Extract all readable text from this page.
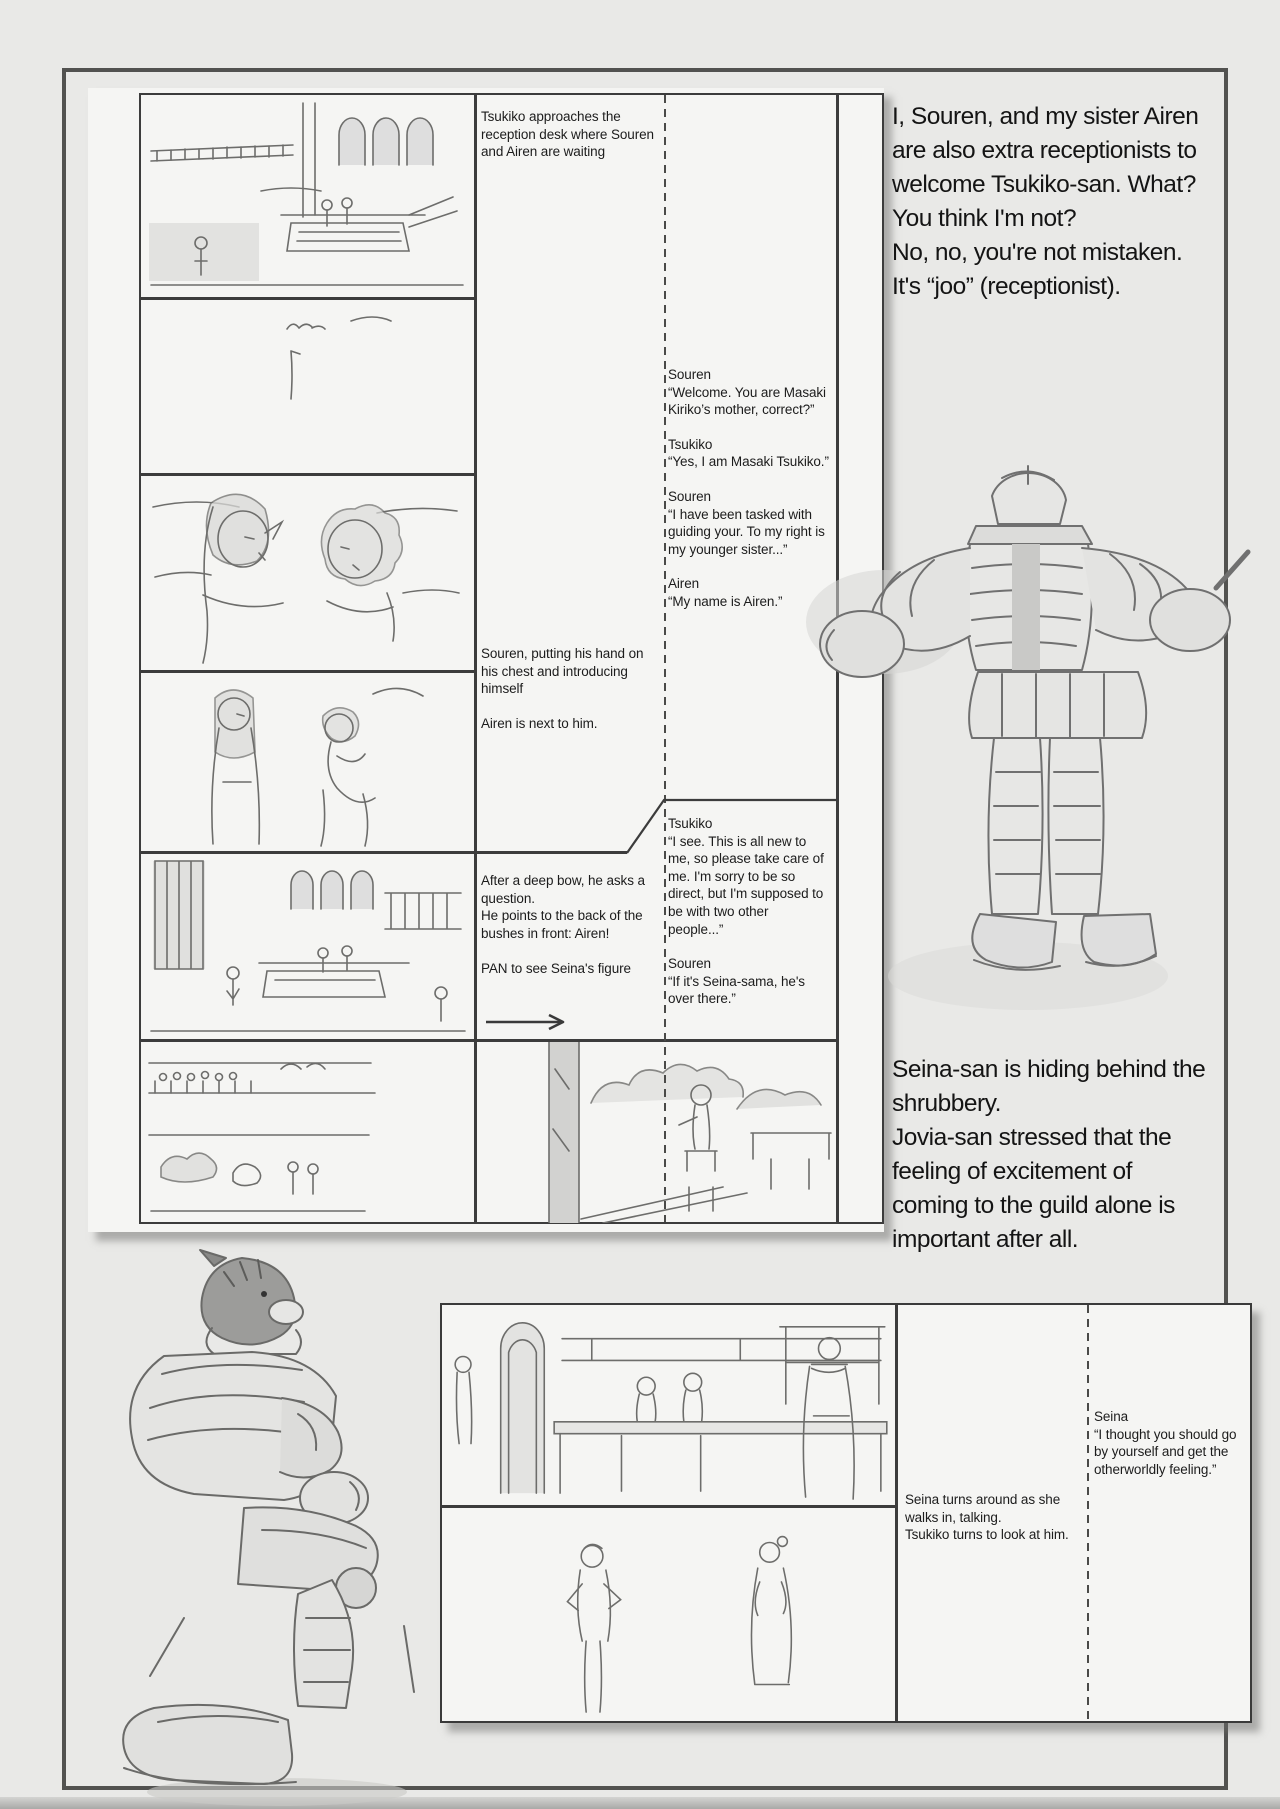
Tsukiko approaches the
reception desk where Souren
and Airen are waiting
Souren, putting his hand on
his chest and introducing
himself

Airen is next to him.
After a deep bow, he asks a
question.
He points to the back of the
bushes in front: Airen!

PAN to see Seina's figure
Souren
“Welcome. You are Masaki
Kiriko’s mother, correct?”
Tsukiko
“Yes, I am Masaki Tsukiko.”
Souren
“I have been tasked with
guiding your. To my right is
my younger sister...”
Airen
“My name is Airen.”
Tsukiko
“I see. This is all new to
me, so please take care of
me. I'm sorry to be so
direct, but I'm supposed to
be with two other
people...”
Souren
“If it's Seina-sama, he's
over there.”
I, Souren, and my sister Airen
are also extra receptionists to
welcome Tsukiko-san. What?
You think I'm not?
No, no, you're not mistaken.
It's “joo” (receptionist).
Seina-san is hiding behind the
shrubbery.
Jovia-san stressed that the
feeling of excitement of
coming to the guild alone is
important after all.
Seina turns around as she
walks in, talking.
Tsukiko turns to look at him.
Seina
“I thought you should go
by yourself and get the
otherworldly feeling.”
